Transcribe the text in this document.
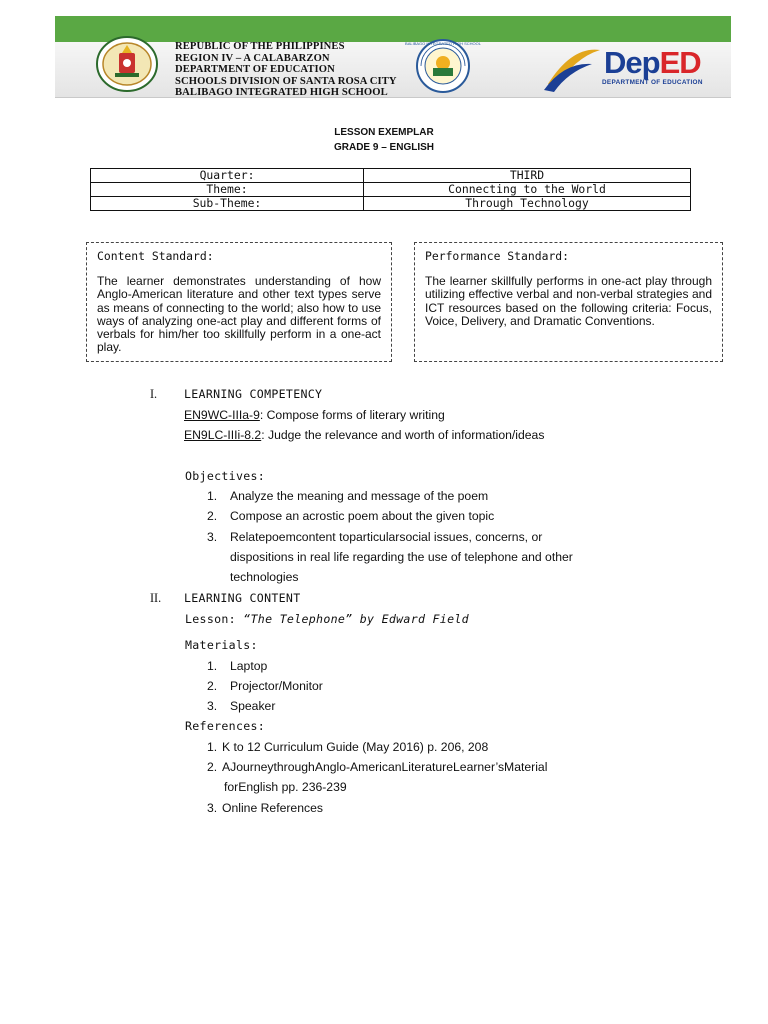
REPUBLIC OF THE PHILIPPINES
REGION IV – A CALABARZON
DEPARTMENT OF EDUCATION
SCHOOLS DIVISION OF SANTA ROSA CITY
BALIBAGO INTEGRATED HIGH SCHOOL
BALIBAGO INTEGRATED HIGH SCHOOL
DepED
DEPARTMENT OF EDUCATION
LESSON EXEMPLAR
GRADE 9 – ENGLISH
Quarter:	THIRD
Theme:	Connecting to the World
Sub-Theme:	Through Technology
Content Standard:
The learner demonstrates understanding of how Anglo-American literature and other text types serve as means of connecting to the world; also how to use ways of analyzing one-act play and different forms of verbals for him/her too skillfully perform in a one-act play.
Performance Standard:
The learner skillfully performs in one-act play through utilizing effective verbal and non-verbal strategies and ICT resources based on the following criteria: Focus, Voice, Delivery, and Dramatic Conventions.
I. LEARNING COMPETENCY
EN9WC-IIIa-9: Compose forms of literary writing
EN9LC-IIIi-8.2: Judge the relevance and worth of information/ideas
Objectives:
1. Analyze the meaning and message of the poem
2. Compose an acrostic poem about the given topic
3. Relatepoemcontent toparticularsocial issues, concerns, or
dispositions in real life regarding the use of telephone and other
technologies
II. LEARNING CONTENT
Lesson: “The Telephone” by Edward Field
Materials:
1. Laptop
2. Projector/Monitor
3. Speaker
References:
1. K to 12 Curriculum Guide (May 2016) p. 206, 208
2. AJourneythroughAnglo-AmericanLiteratureLearner’sMaterial
forEnglish pp. 236-239
3. Online References
